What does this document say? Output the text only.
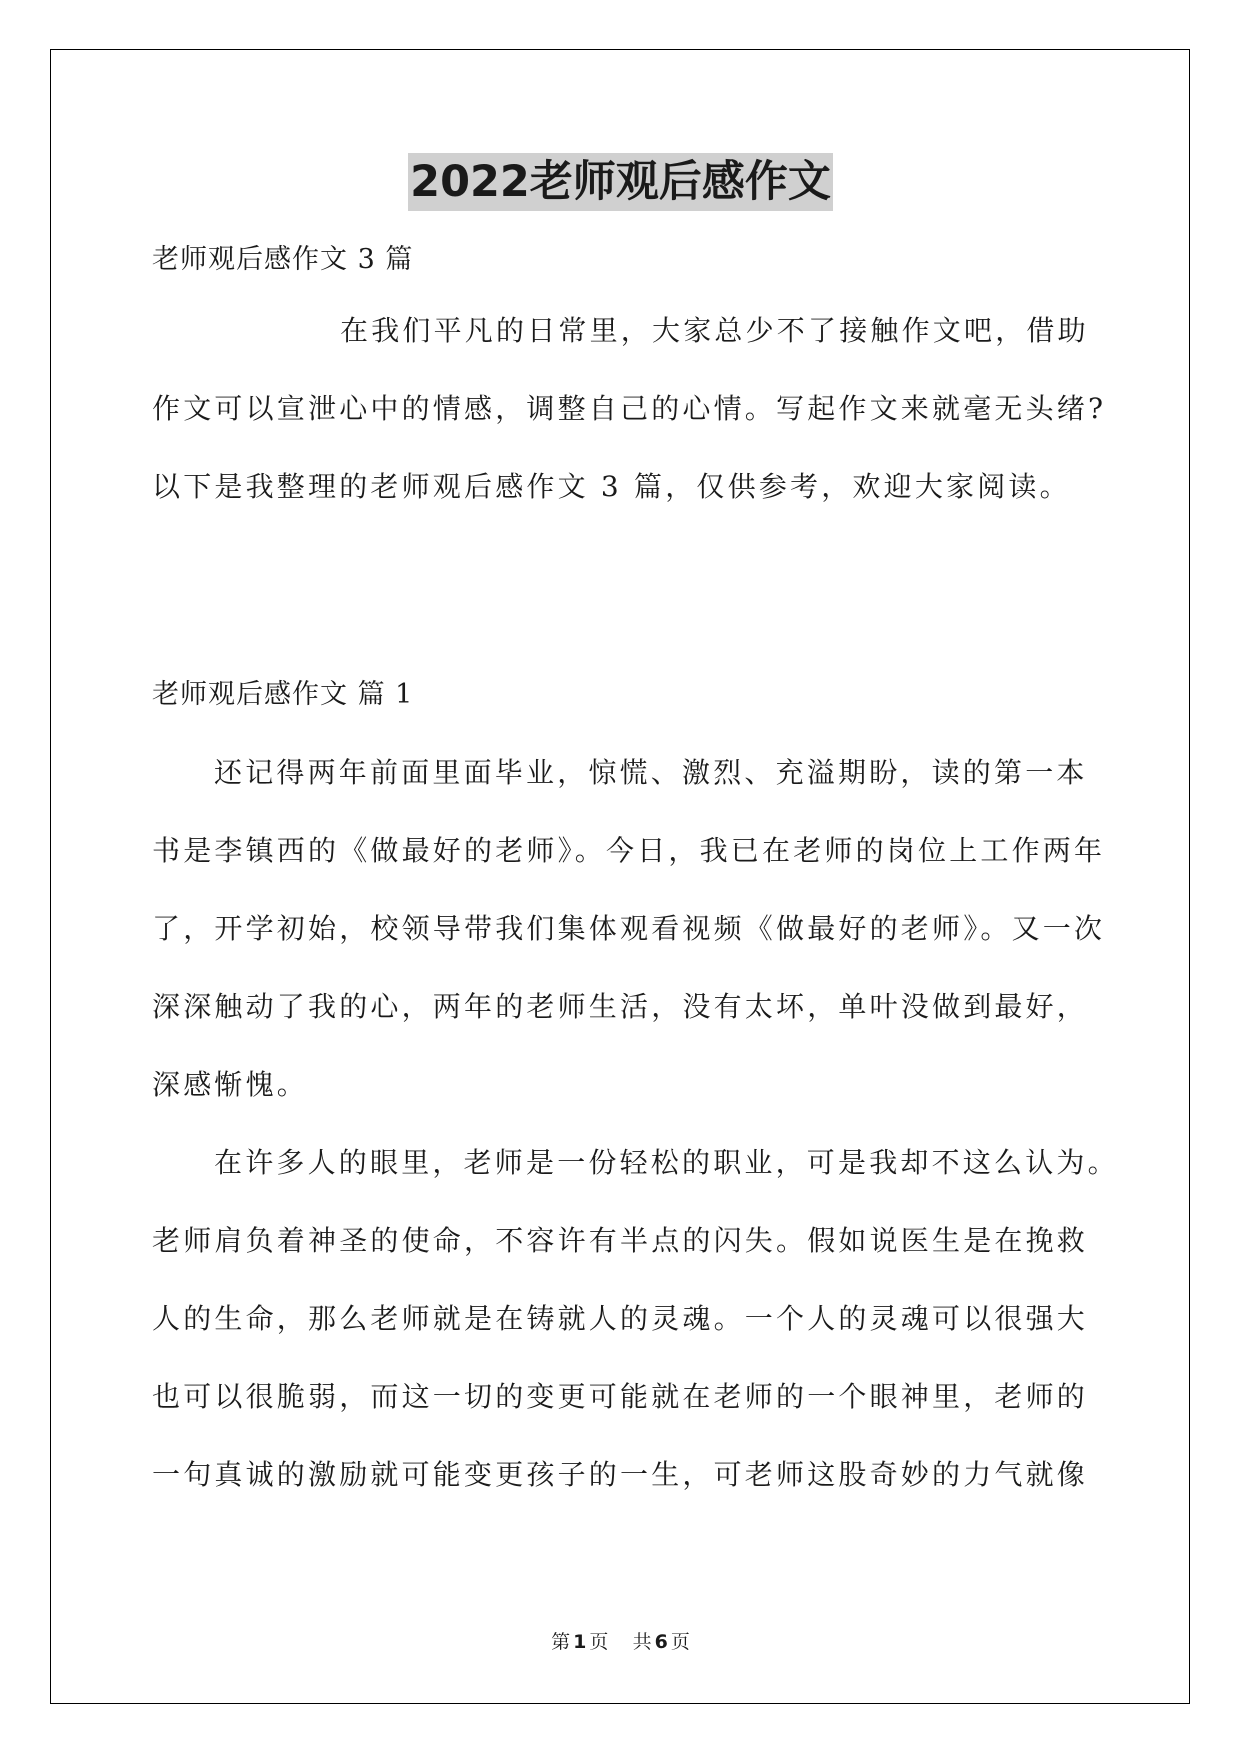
2022老师观后感作文
老师观后感作文 3 篇
在我们平凡的日常里，大家总少不了接触作文吧，借助
作文可以宣泄心中的情感，调整自己的心情。写起作文来就毫无头绪?
以下是我整理的老师观后感作文 3 篇，仅供参考，欢迎大家阅读。
老师观后感作文 篇 1
还记得两年前面里面毕业，惊慌、激烈、充溢期盼，读的第一本
书是李镇西的《做最好的老师》。今日，我已在老师的岗位上工作两年
了，开学初始，校领导带我们集体观看视频《做最好的老师》。又一次
深深触动了我的心，两年的老师生活，没有太坏，单叶没做到最好，
深感惭愧。
在许多人的眼里，老师是一份轻松的职业，可是我却不这么认为。
老师肩负着神圣的使命，不容许有半点的闪失。假如说医生是在挽救
人的生命，那么老师就是在铸就人的灵魂。一个人的灵魂可以很强大
也可以很脆弱，而这一切的变更可能就在老师的一个眼神里，老师的
一句真诚的激励就可能变更孩子的一生，可老师这股奇妙的力气就像
第 1 页 共 6 页
